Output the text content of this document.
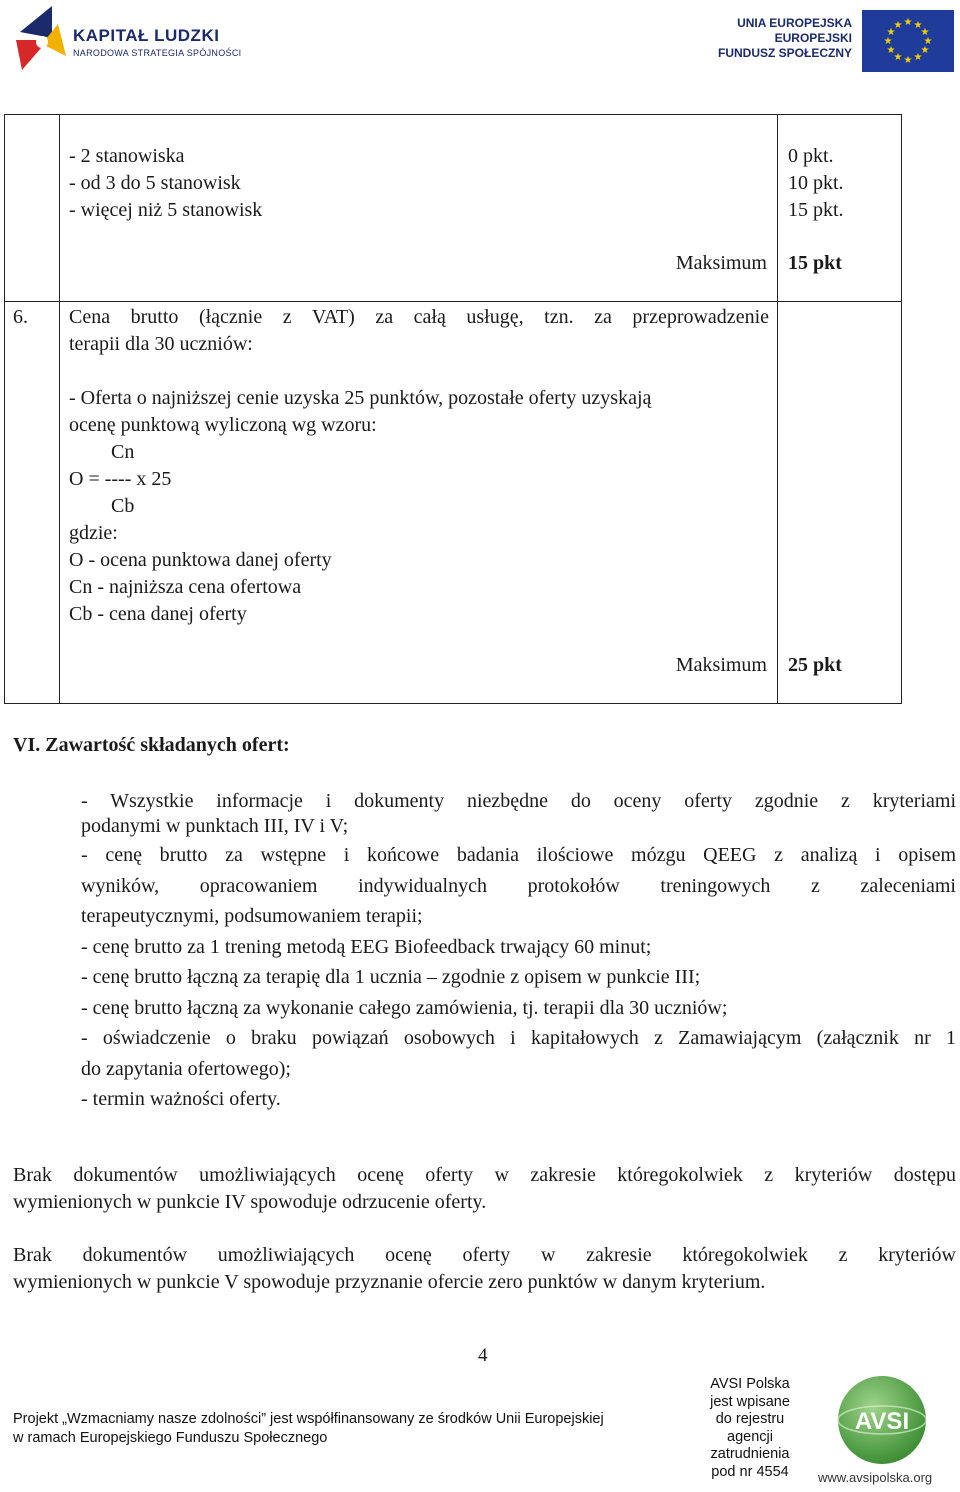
KAPITAŁ LUDZKI
NARODOWA STRATEGIA SPÓJNOŚCI
UNIA EUROPEJSKA
EUROPEJSKI
FUNDUSZ SPOŁECZNY
★ ★
★
★
★
★
★
★
★
★
★
★
- 2 stanowiska
- od 3 do 5 stanowisk
- więcej niż 5 stanowisk
0 pkt.
10 pkt.
15 pkt.
Maksimum 15 pkt
6. Cena brutto (łącznie z VAT) za całą usługę, tzn. za przeprowadzenie
terapii dla 30 uczniów:
- Oferta o najniższej cenie uzyska 25 punktów, pozostałe oferty uzyskają
ocenę punktową wyliczoną wg wzoru:
Cn
O = ---- x 25
Cb
gdzie:
O - ocena punktowa danej oferty
Cn - najniższa cena ofertowa
Cb - cena danej oferty
Maksimum 25 pkt
VI. Zawartość składanych ofert:
- Wszystkie informacje i dokumenty niezbędne do oceny oferty zgodnie z kryteriami
podanymi w punktach III, IV i V;
- cenę brutto za wstępne i końcowe badania ilościowe mózgu QEEG z analizą i opisem
wyników, opracowaniem indywidualnych protokołów treningowych z zaleceniami
terapeutycznymi, podsumowaniem terapii;
- cenę brutto za 1 trening metodą EEG Biofeedback trwający 60 minut;
- cenę brutto łączną za terapię dla 1 ucznia – zgodnie z opisem w punkcie III;
- cenę brutto łączną za wykonanie całego zamówienia, tj. terapii dla 30 uczniów;
- oświadczenie o braku powiązań osobowych i kapitałowych z Zamawiającym (załącznik nr 1
do zapytania ofertowego);
- termin ważności oferty.
Brak dokumentów umożliwiających ocenę oferty w zakresie któregokolwiek z kryteriów dostępu
wymienionych w punkcie IV spowoduje odrzucenie oferty.
Brak dokumentów umożliwiających ocenę oferty w zakresie któregokolwiek z kryteriów
wymienionych w punkcie V spowoduje przyznanie ofercie zero punktów w danym kryterium.
4
Projekt „Wzmacniamy nasze zdolności” jest współfinansowany ze środków Unii Europejskiej
w ramach Europejskiego Funduszu Społecznego
AVSI Polska
jest wpisane
do rejestru
agencji
zatrudnienia
pod nr 4554
AVSI
www.avsipolska.org
